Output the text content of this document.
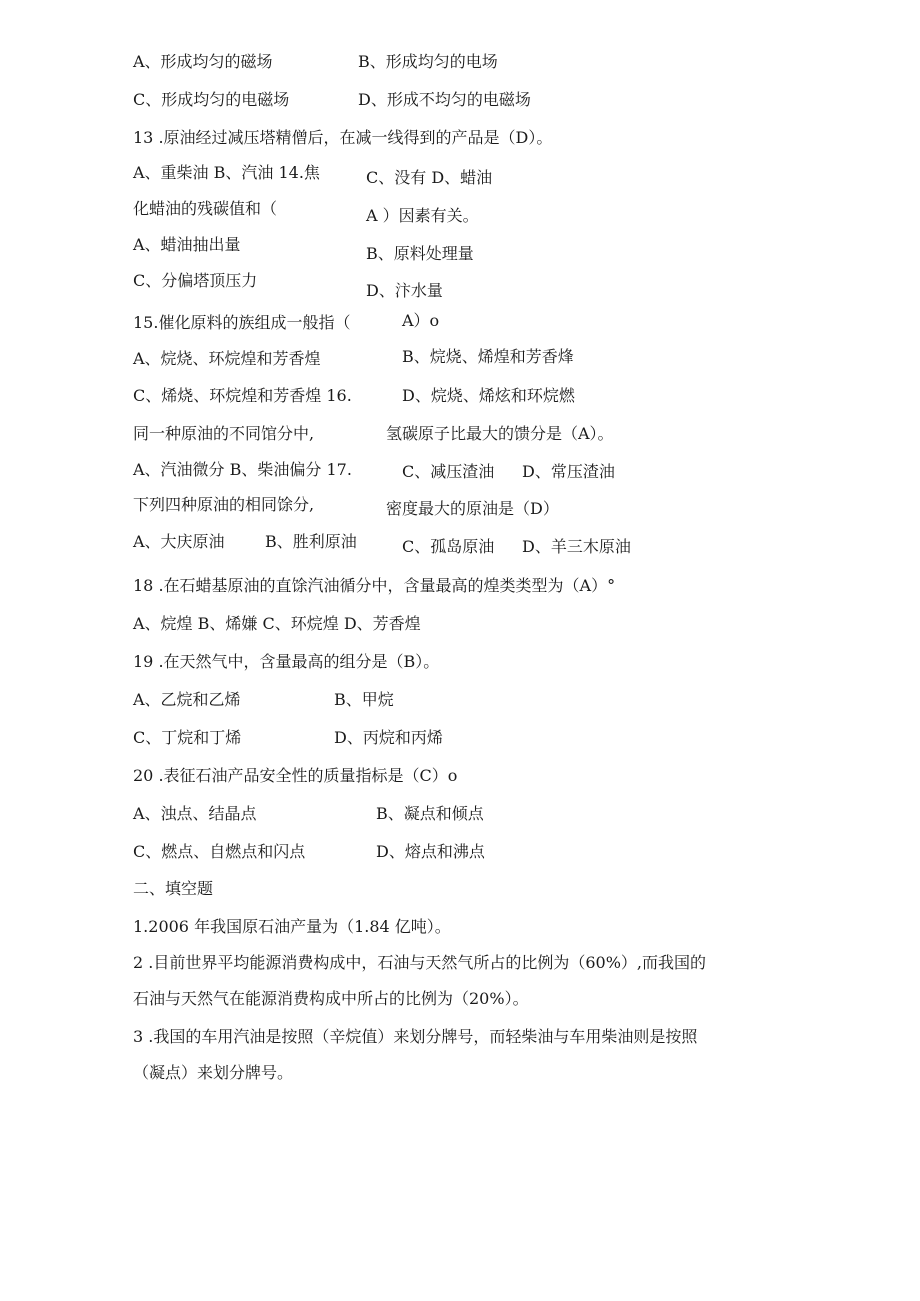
A、形成均匀的磁场	B、形成均匀的电场
C、形成均匀的电磁场	D、形成不均匀的电磁场
13 .原油经过减压塔精僧后，在减一线得到的产品是（D）。
A、重柴油 B、汽油 14.焦	C、没有 D、蜡油
化蜡油的残碳值和（	A ）因素有关。
A、蜡油抽出量	B、原料处理量
C、分偏塔顶压力
D、汴水量
15.催化原料的族组成一般指（	A）o
A、烷烧、环烷煌和芳香煌	B、烷烧、烯煌和芳香烽
C、烯烧、环烷煌和芳香煌 16.	D、烷烧、烯炫和环烷燃
同一种原油的不同馆分中,	氢碳原子比最大的馈分是（A）。
A、汽油微分 B、柴油偏分 17.	C、减压渣油 D、常压渣油
下列四种原油的相同馀分,	密度最大的原油是（D）
A、大庆原油	B、胜利原油	C、孤岛原油 D、羊三木原油
18 .在石蜡基原油的直馀汽油循分中，含量最高的煌类类型为（A）°
A、烷煌 B、烯嫌 C、环烷煌 D、芳香煌
19 .在天然气中，含量最高的组分是（B）。
A、乙烷和乙烯	B、甲烷
C、丁烷和丁烯	D、丙烷和丙烯
20 .表征石油产品安全性的质量指标是（C）o
A、浊点、结晶点	B、凝点和倾点
C、燃点、自燃点和闪点	D、熔点和沸点
二、填空题
1.2006 年我国原石油产量为（1.84 亿吨）。
2 .目前世界平均能源消费构成中，石油与天然气所占的比例为（60%）,而我国的
石油与天然气在能源消费构成中所占的比例为（20%）。
3 .我国的车用汽油是按照（辛烷值）来划分牌号，而轻柴油与车用柴油则是按照
（凝点）来划分牌号。
